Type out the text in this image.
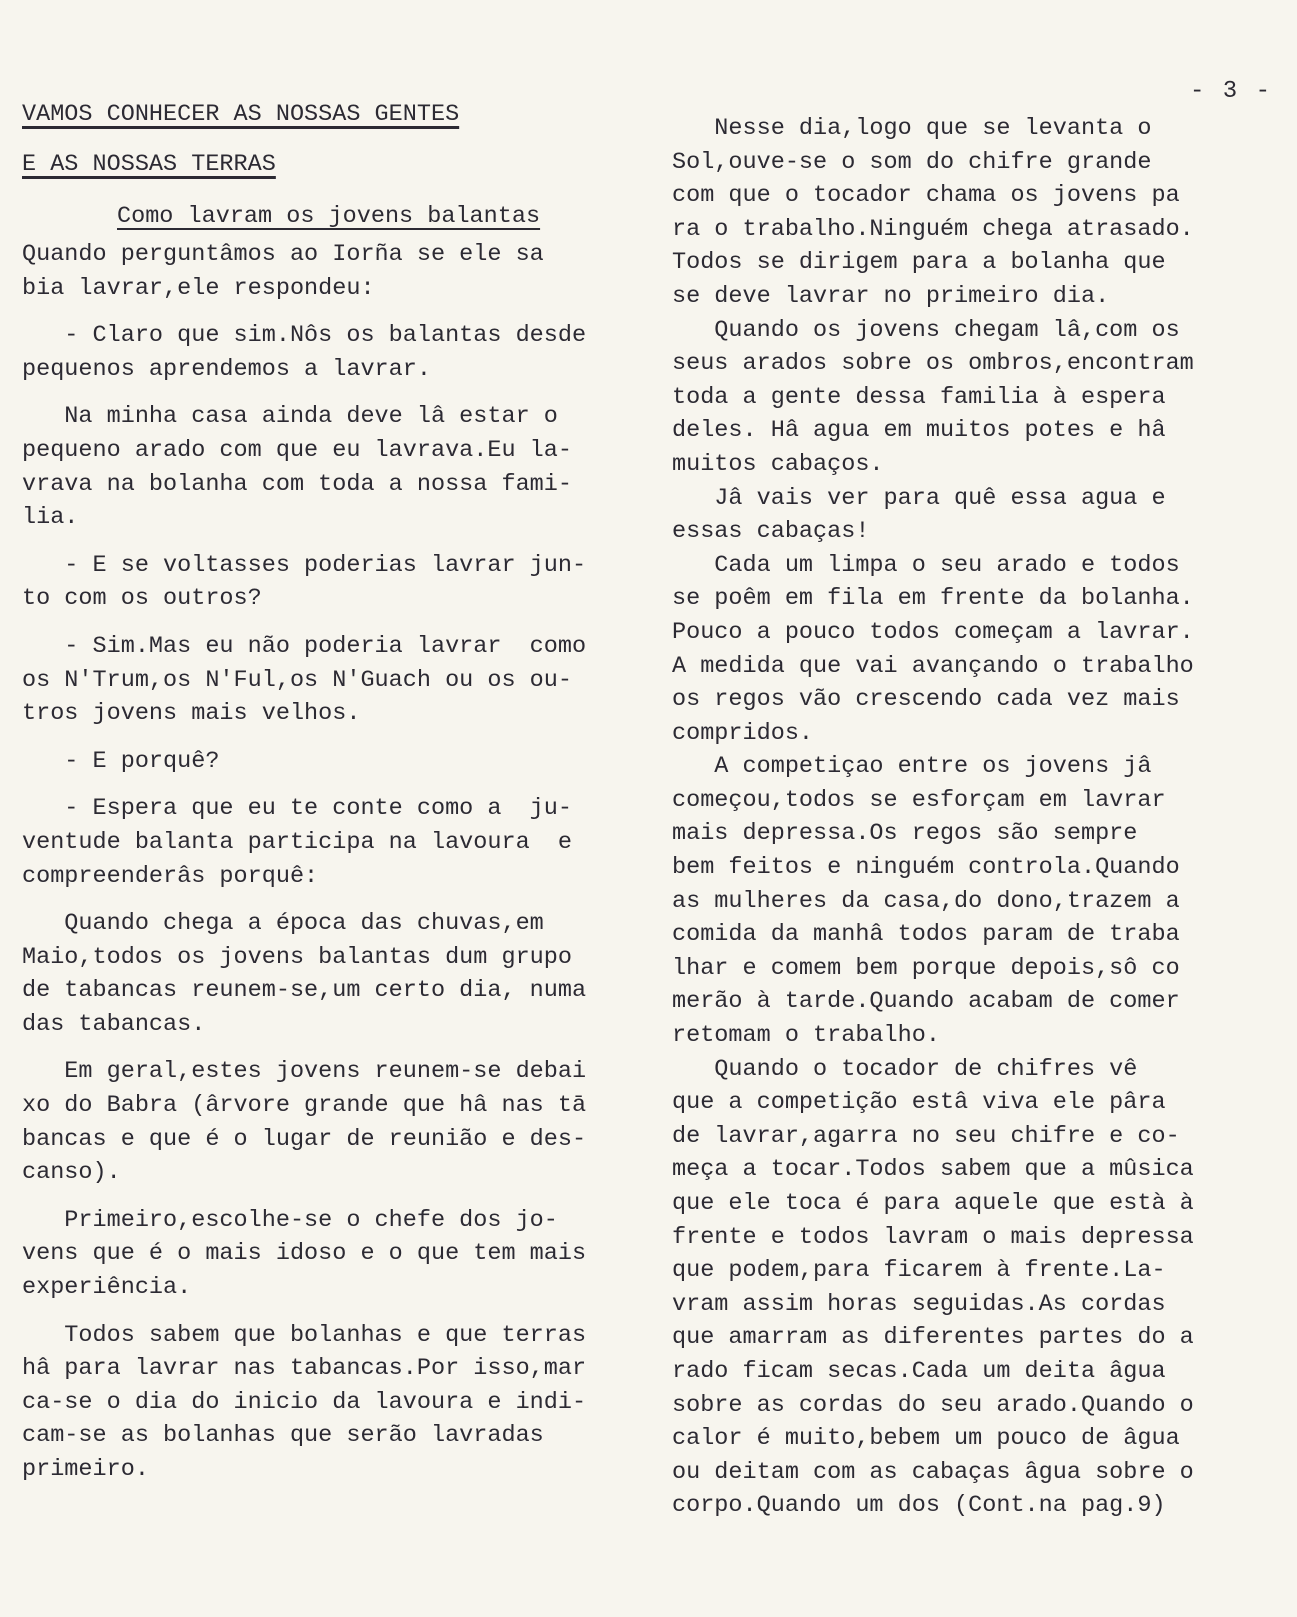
- 3 -
VAMOS CONHECER AS NOSSAS GENTES
E AS NOSSAS TERRAS
Como lavram os jovens balantas
Quando perguntâmos ao Iorña se ele sa
bia lavrar,ele respondeu:
- Claro que sim.Nôs os balantas desde
pequenos aprendemos a lavrar.
Na minha casa ainda deve lâ estar o
pequeno arado com que eu lavrava.Eu la-
vrava na bolanha com toda a nossa fami-
lia.
- E se voltasses poderias lavrar jun-
to com os outros?
- Sim.Mas eu não poderia lavrar  como
os N'Trum,os N'Ful,os N'Guach ou os ou-
tros jovens mais velhos.
- E porquê?
- Espera que eu te conte como a  ju-
ventude balanta participa na lavoura  e
compreenderâs porquê:
Quando chega a época das chuvas,em
Maio,todos os jovens balantas dum grupo
de tabancas reunem-se,um certo dia, numa
das tabancas.
Em geral,estes jovens reunem-se debai
xo do Babra (ârvore grande que hâ nas tā
bancas e que é o lugar de reunião e des-
canso).
Primeiro,escolhe-se o chefe dos jo-
vens que é o mais idoso e o que tem mais
experiência.
Todos sabem que bolanhas e que terras
hâ para lavrar nas tabancas.Por isso,mar
ca-se o dia do inicio da lavoura e indi-
cam-se as bolanhas que serão lavradas
primeiro.
Nesse dia,logo que se levanta o
Sol,ouve-se o som do chifre grande
com que o tocador chama os jovens pa
ra o trabalho.Ninguém chega atrasado.
Todos se dirigem para a bolanha que
se deve lavrar no primeiro dia.
Quando os jovens chegam lâ,com os
seus arados sobre os ombros,encontram
toda a gente dessa familia à espera
deles. Hâ agua em muitos potes e hâ
muitos cabaços.
Jâ vais ver para quê essa agua e
essas cabaças!
Cada um limpa o seu arado e todos
se poêm em fila em frente da bolanha.
Pouco a pouco todos começam a lavrar.
A medida que vai avançando o trabalho
os regos vão crescendo cada vez mais
compridos.
A competiçao entre os jovens jâ
começou,todos se esforçam em lavrar
mais depressa.Os regos são sempre
bem feitos e ninguém controla.Quando
as mulheres da casa,do dono,trazem a
comida da manhâ todos param de traba
lhar e comem bem porque depois,sô co
merão à tarde.Quando acabam de comer
retomam o trabalho.
Quando o tocador de chifres vê
que a competição estâ viva ele pâra
de lavrar,agarra no seu chifre e co-
meça a tocar.Todos sabem que a mûsica
que ele toca é para aquele que està à
frente e todos lavram o mais depressa
que podem,para ficarem à frente.La-
vram assim horas seguidas.As cordas
que amarram as diferentes partes do a
rado ficam secas.Cada um deita âgua
sobre as cordas do seu arado.Quando o
calor é muito,bebem um pouco de âgua
ou deitam com as cabaças âgua sobre o
corpo.Quando um dos (Cont.na pag.9)
